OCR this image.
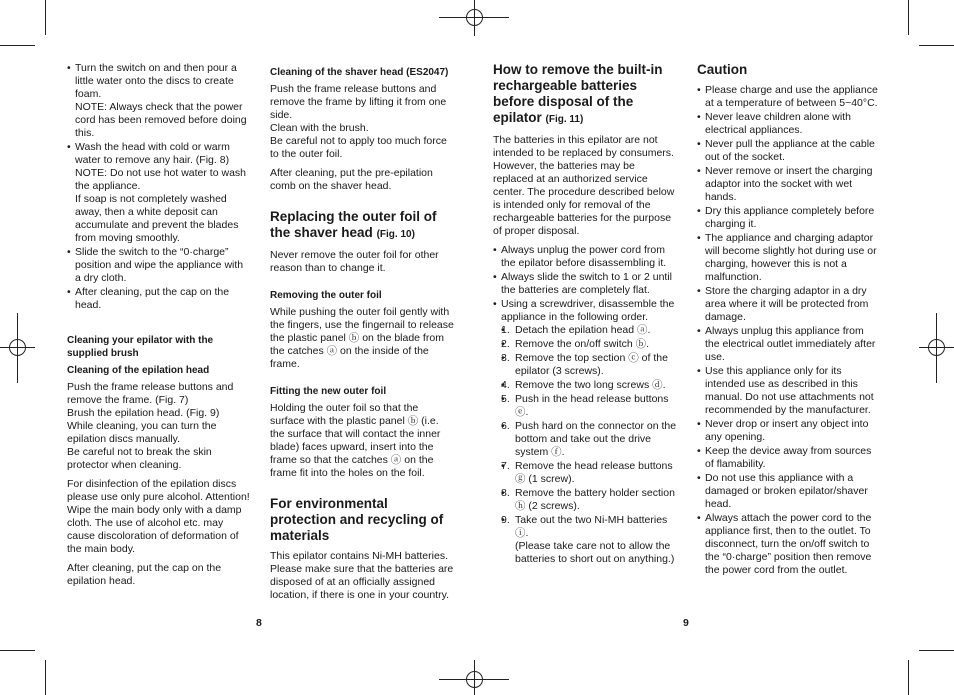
• Turn the switch on and then pour a little water onto the discs to create foam.
NOTE: Always check that the power cord has been removed before doing this.
• Wash the head with cold or warm water to remove any hair. (Fig. 8)
NOTE: Do not use hot water to wash the appliance.
If soap is not completely washed away, then a white deposit can accumulate and prevent the blades from moving smoothly.
• Slide the switch to the “0·charge” position and wipe the appliance with a dry cloth.
• After cleaning, put the cap on the head.

Cleaning your epilator with the supplied brush

Cleaning of the epilation head

Push the frame release buttons and remove the frame. (Fig. 7)
Brush the epilation head. (Fig. 9)
While cleaning, you can turn the epilation discs manually.
Be careful not to break the skin protector when cleaning.

For disinfection of the epilation discs please use only pure alcohol. Attention! Wipe the main body only with a damp cloth. The use of alcohol etc. may cause discoloration of deformation of the main body.

After cleaning, put the cap on the epilation head.

Cleaning of the shaver head (ES2047)

Push the frame release buttons and remove the frame by lifting it from one side.
Clean with the brush.
Be careful not to apply too much force to the outer foil.

After cleaning, put the pre-epilation comb on the shaver head.

Replacing the outer foil of the shaver head (Fig. 10)

Never remove the outer foil for other reason than to change it.

Removing the outer foil

While pushing the outer foil gently with the fingers, use the fingernail to release the plastic panel ⓑ on the blade from the catches ⓐ on the inside of the frame.

Fitting the new outer foil

Holding the outer foil so that the surface with the plastic panel ⓑ (i.e. the surface that will contact the inner blade) faces upward, insert into the frame so that the catches ⓐ on the frame fit into the holes on the foil.

For environmental protection and recycling of materials

This epilator contains Ni-MH batteries.
Please make sure that the batteries are disposed of at an officially assigned location, if there is one in your country.

How to remove the built-in rechargeable batteries before disposal of the epilator (Fig. 11)

The batteries in this epilator are not intended to be replaced by consumers. However, the batteries may be replaced at an authorized service center. The procedure described below is intended only for removal of the rechargeable batteries for the purpose of proper disposal.

• Always unplug the power cord from the epilator before disassembling it.
• Always slide the switch to 1 or 2 until the batteries are completely flat.
• Using a screwdriver, disassemble the appliance in the following order.
• 1. Detach the epilation head ⓐ.
• 2. Remove the on/off switch ⓑ.
• 3. Remove the top section ⓒ of the epilator (3 screws).
• 4. Remove the two long screws ⓓ.
• 5. Push in the head release buttons ⓔ.
• 6. Push hard on the connector on the bottom and take out the drive system ⓕ.
• 7. Remove the head release buttons ⓖ (1 screw).
• 8. Remove the battery holder section ⓗ (2 screws).
• 9. Take out the two Ni-MH batteries ⓘ.
(Please take care not to allow the batteries to short out on anything.)

Caution

• Please charge and use the appliance at a temperature of between 5~40°C.
• Never leave children alone with electrical appliances.
• Never pull the appliance at the cable out of the socket.
• Never remove or insert the charging adaptor into the socket with wet hands.
• Dry this appliance completely before charging it.
• The appliance and charging adaptor will become slightly hot during use or charging, however this is not a malfunction.
• Store the charging adaptor in a dry area where it will be protected from damage.
• Always unplug this appliance from the electrical outlet immediately after use.
• Use this appliance only for its intended use as described in this manual. Do not use attachments not recommended by the manufacturer.
• Never drop or insert any object into any opening.
• Keep the device away from sources of flamability.
• Do not use this appliance with a damaged or broken epilator/shaver head.
• Always attach the power cord to the appliance first, then to the outlet. To disconnect, turn the on/off switch to the “0·charge” position then remove the power cord from the outlet.
8	9
